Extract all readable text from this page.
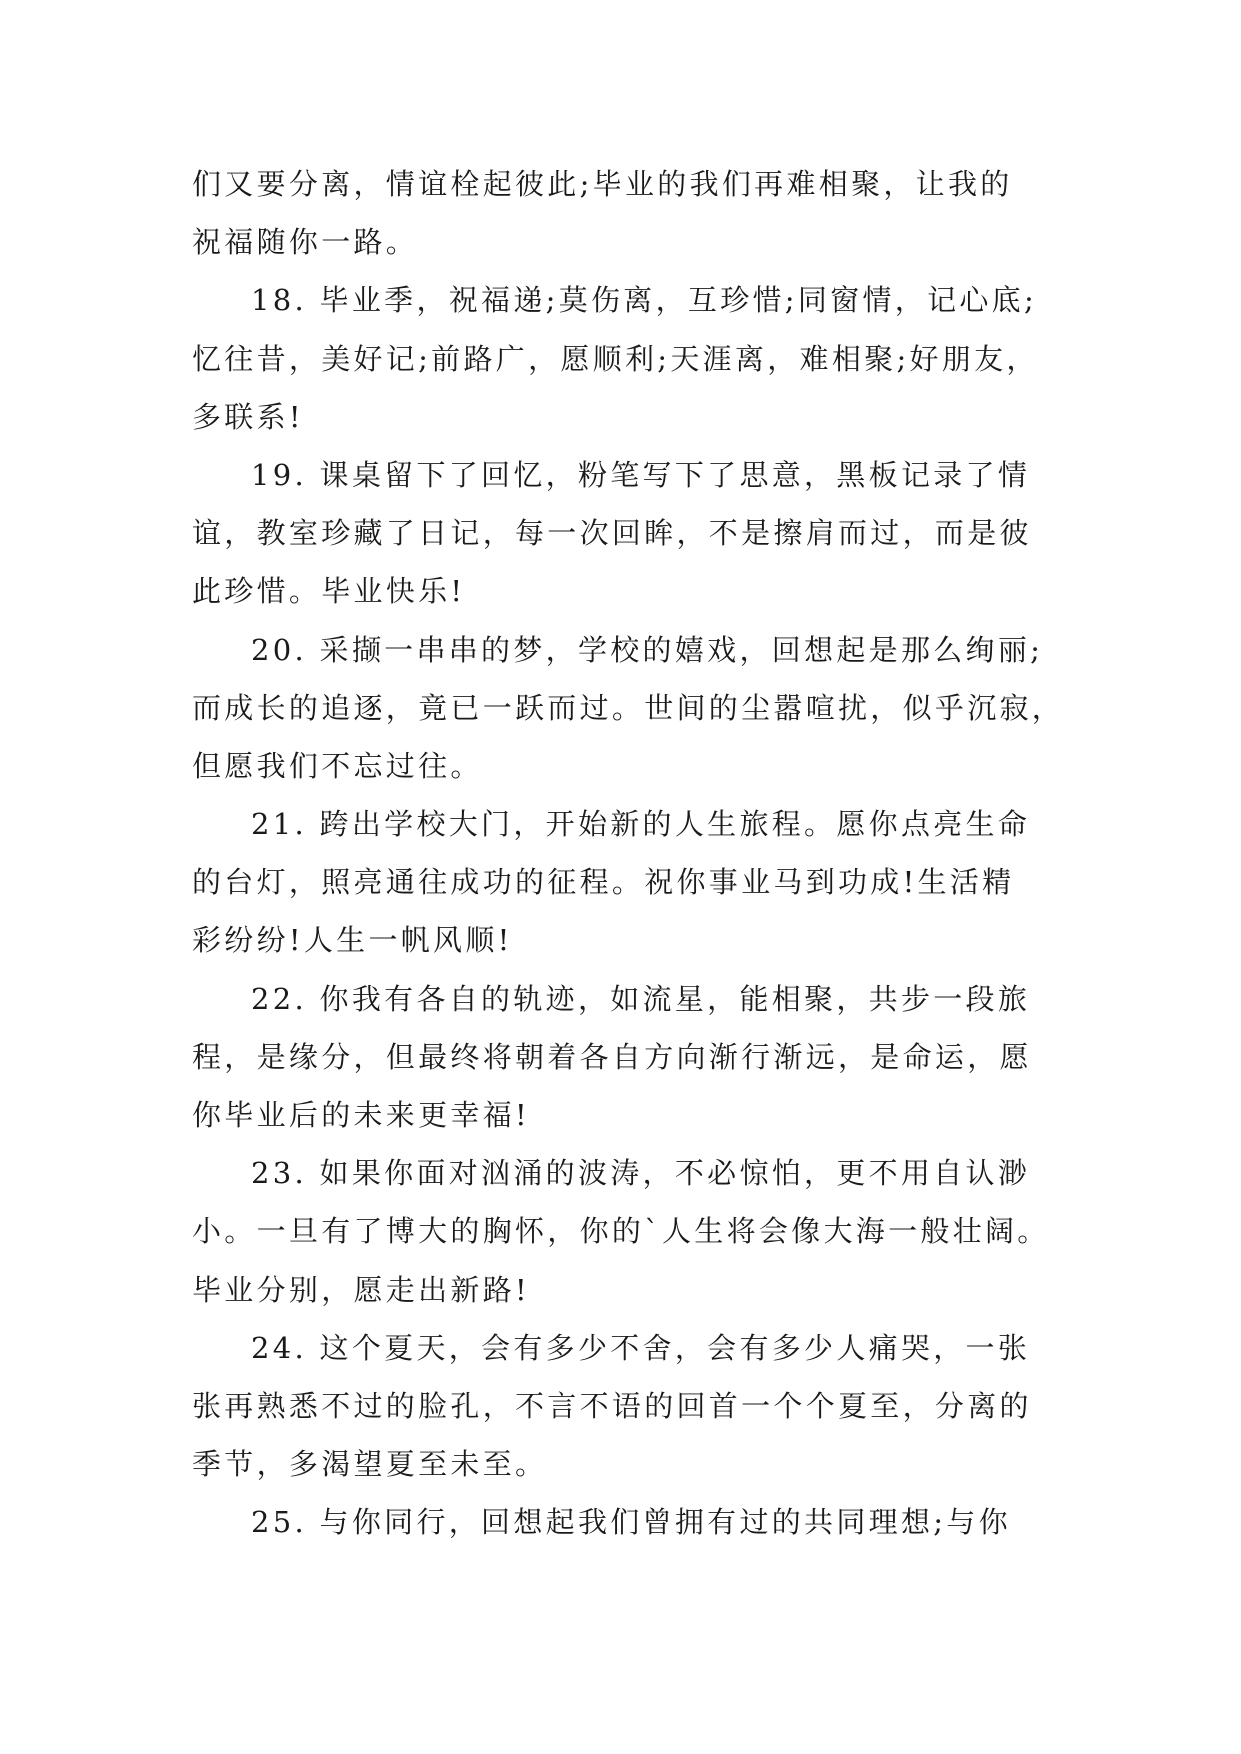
们又要分离，情谊栓起彼此;毕业的我们再难相聚，让我的
祝福随你一路。
18. 毕业季，祝福递;莫伤离，互珍惜;同窗情，记心底;
忆往昔，美好记;前路广，愿顺利;天涯离，难相聚;好朋友，
多联系!
19. 课桌留下了回忆，粉笔写下了思意，黑板记录了情
谊，教室珍藏了日记，每一次回眸，不是擦肩而过，而是彼
此珍惜。毕业快乐!
20. 采撷一串串的梦，学校的嬉戏，回想起是那么绚丽;
而成长的追逐，竟已一跃而过。世间的尘嚣喧扰，似乎沉寂，
但愿我们不忘过往。
21. 跨出学校大门，开始新的人生旅程。愿你点亮生命
的台灯，照亮通往成功的征程。祝你事业马到功成!生活精
彩纷纷!人生一帆风顺!
22. 你我有各自的轨迹，如流星，能相聚，共步一段旅
程，是缘分，但最终将朝着各自方向渐行渐远，是命运，愿
你毕业后的未来更幸福!
23. 如果你面对汹涌的波涛，不必惊怕，更不用自认渺
小。一旦有了博大的胸怀，你的`人生将会像大海一般壮阔。
毕业分别，愿走出新路!
24. 这个夏天，会有多少不舍，会有多少人痛哭，一张
张再熟悉不过的脸孔，不言不语的回首一个个夏至，分离的
季节，多渴望夏至未至。
25. 与你同行，回想起我们曾拥有过的共同理想;与你
